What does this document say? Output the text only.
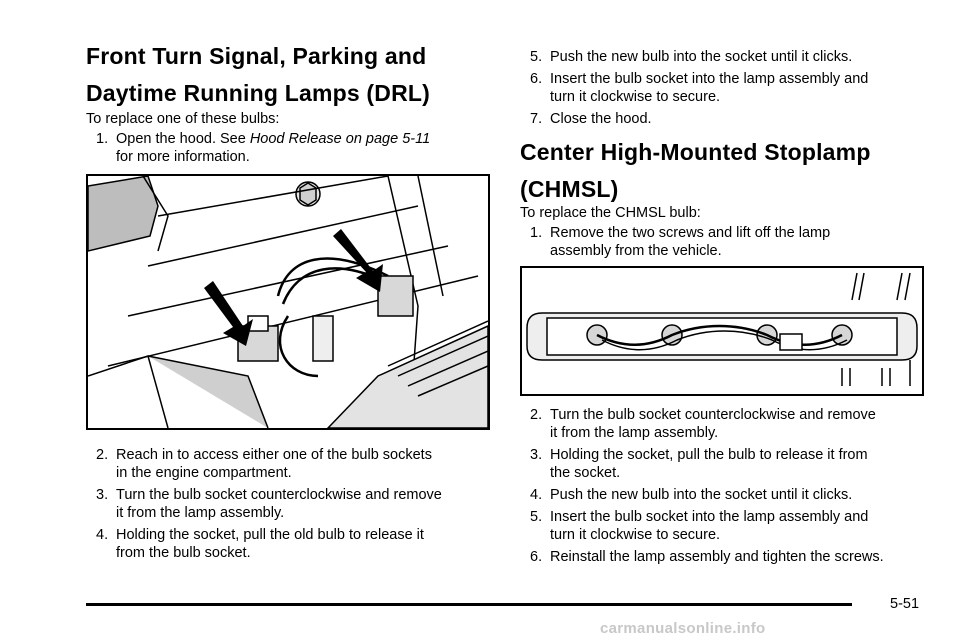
Front Turn Signal, Parking and
Daytime Running Lamps (DRL)

To replace one of these bulbs:

1. Open the hood. See Hood Release on page 5-11
for more information.
2. Reach in to access either one of the bulb sockets
in the engine compartment.
3. Turn the bulb socket counterclockwise and remove
it from the lamp assembly.
4. Holding the socket, pull the old bulb to release it
from the bulb socket.
5. Push the new bulb into the socket until it clicks.
6. Insert the bulb socket into the lamp assembly and
turn it clockwise to secure.
7. Close the hood.
Center High-Mounted Stoplamp
(CHMSL)

To replace the CHMSL bulb:

1. Remove the two screws and lift off the lamp
assembly from the vehicle.
2. Turn the bulb socket counterclockwise and remove
it from the lamp assembly.
3. Holding the socket, pull the bulb to release it from
the socket.
4. Push the new bulb into the socket until it clicks.
5. Insert the bulb socket into the lamp assembly and
turn it clockwise to secure.
6. Reinstall the lamp assembly and tighten the screws.
5-51
carmanualsonline.info
